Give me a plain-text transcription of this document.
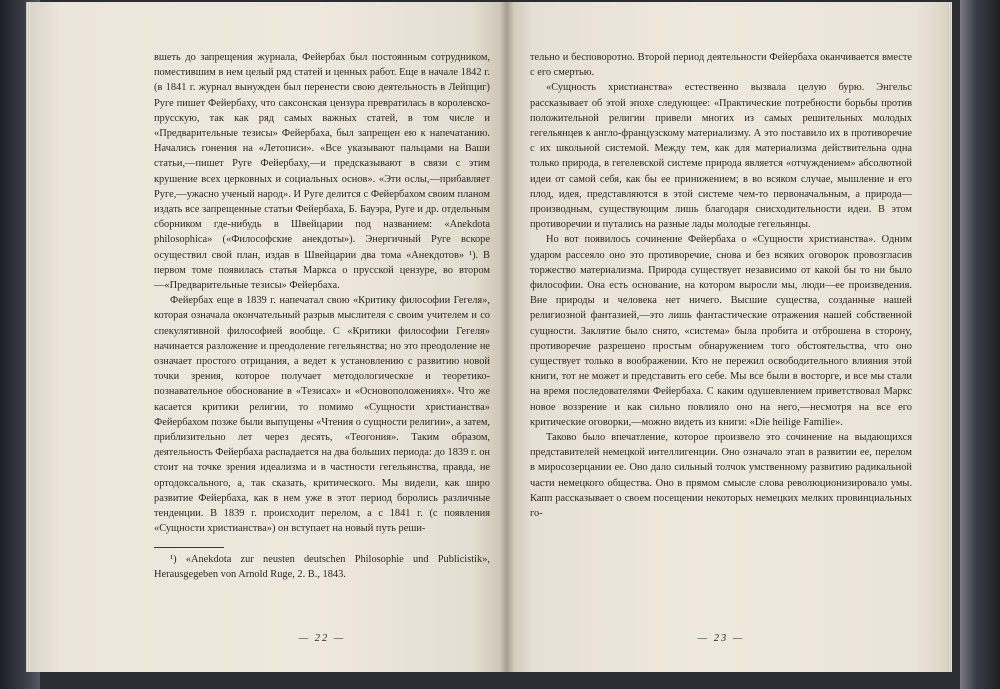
вшеть до запрещения журнала, Фейербах был постоянным сотрудником, поместившим в нем целый ряд статей и ценных работ. Еще в начале 1842 г. (в 1841 г. журнал вынужден был перенести свою деятельность в Лейпциг) Руге пишет Фейербаху, что саксонская цензура превратилась в королевско-прусскую, так как ряд самых важных статей, в том числе и «Предварительные тезисы» Фейербаха, был запрещен ею к напечатанию. Начались гонения на «Летописи». «Все указывают пальцами на Ваши статьи,—пишет Руге Фейербаху,—и предсказывают в связи с этим крушение всех церковных и социальных основ». «Эти ослы,—прибавляет Руге,—ужасно ученый народ». И Руге делится с Фейербахом своим планом издать все запрещенные статьи Фейербаха, Б. Бауэра, Руге и др. отдельным сборником где-нибудь в Швейцарии под названием: «Anekdota philosophica» («Философские анекдоты»). Энергичный Руге вскоре осуществил свой план, издав в Швейцарии два тома «Анекдотов» ¹). В первом томе появилась статья Маркса о прусской цензуре, во втором—«Предварительные тезисы» Фейербаха.

Фейербах еще в 1839 г. напечатал свою «Критику философии Гегеля», которая означала окончательный разрыв мыслителя с своим учителем и со спекулятивной философией вообще. С «Критики философии Гегеля» начинается разложение и преодоление гегельянства; но это преодоление не означает простого отрицания, а ведет к установлению с развитию новой точки зрения, которое получает методологическое и теоретико-познавательное обоснование в «Тезисах» и «Основоположениях». Что же касается критики религии, то помимо «Сущности христианства» Фейербахом позже были выпущены «Чтения о сущности религии», а затем, приблизительно лет через десять, «Теогония». Таким образом, деятельность Фейербаха распадается на два больших периода: до 1839 г. он стоит на точке зрения идеализма и в частности гегельянства, правда, не ортодоксального, а, так сказать, критического. Мы видели, как широ развитие Фейербаха, как в нем уже в этот период боролись различные тенденции. В 1839 г. происходит перелом, а с 1841 г. (с появления «Сущности христианства») он вступает на новый путь реши-

¹) «Anekdota zur neusten deutschen Philosophie und Publicistik», Herausgegeben von Arnold Ruge, 2. B., 1843.

— 22 —

тельно и бесповоротно. Второй период деятельности Фейербаха оканчивается вместе с его смертью.

«Сущность христианства» естественно вызвала целую бурю. Энгельс рассказывает об этой эпохе следующее: «Практические потребности борьбы против положительной религии привели многих из самых решительных молодых гегельянцев к англо-французскому материализму. А это поставило их в противоречие с их школьной системой. Между тем, как для материализма действительна одна только природа, в гегелевской системе природа является «отчуждением» абсолютной идеи от самой себя, как бы ее принижением; в во всяком случае, мышление и его плод, идея, представляются в этой системе чем-то первоначальным, а природа—производным, существующим лишь благодаря снисходительности идеи. В этом противоречии и путались на разные лады молодые гегельянцы.

Но вот появилось сочинение Фейербаха о «Сущности христианства». Одним ударом рассеяло оно это противоречие, снова и без всяких оговорок провозгласив торжество материализма. Природа существует независимо от какой бы то ни было философии. Она есть основание, на котором выросли мы, люди—ее произведения. Вне природы и человека нет ничего. Высшие существа, созданные нашей религиозной фантазией,—это лишь фантастические отражения нашей собственной сущности. Заклятие было снято, «система» была пробита и отброшена в сторону, противоречие разрешено простым обнаружением того обстоятельства, что оно существует только в воображении. Кто не пережил освободительного влияния этой книги, тот не может и представить его себе. Мы все были в восторге, и все мы стали на время последователями Фейербаха. С каким одушевлением приветствовал Маркс новое воззрение и как сильно повлияло оно на него,—несмотря на все его критические оговорки,—можно видеть из книги: «Die heilige Familie».

Таково было впечатление, которое произвело это сочинение на выдающихся представителей немецкой интеллигенции. Оно означало этап в развитии ее, перелом в миросозерцании ее. Оно дало сильный толчок умственному развитию радикальной части немецкого общества. Оно в прямом смысле слова революционизировало умы. Капп рассказывает о своем посещении некоторых немецких мелких провинциальных го-

— 23 —
